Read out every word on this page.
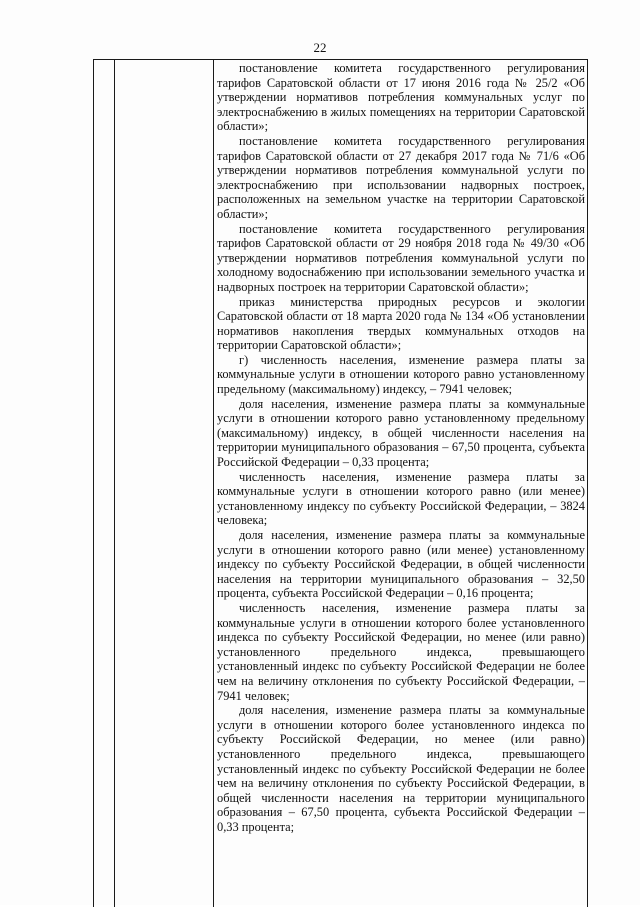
22

постановление комитета государственного регулирования тарифов Саратовской области от 17 июня 2016 года № 25/2 «Об утверждении нормативов потребления коммунальных услуг по электроснабжению в жилых помещениях на территории Саратовской области»;

постановление комитета государственного регулирования тарифов Саратовской области от 27 декабря 2017 года № 71/6 «Об утверждении нормативов потребления коммунальной услуги по электроснабжению при использовании надворных построек, расположенных на земельном участке на территории Саратовской области»;

постановление комитета государственного регулирования тарифов Саратовской области от 29 ноября 2018 года № 49/30 «Об утверждении нормативов потребления коммунальной услуги по холодному водоснабжению при использовании земельного участка и надворных построек на территории Саратовской области»;

приказ министерства природных ресурсов и экологии Саратовской области от 18 марта 2020 года № 134 «Об установлении нормативов накопления твердых коммунальных отходов на территории Саратовской области»;

г) численность населения, изменение размера платы за коммунальные услуги в отношении которого равно установленному предельному (максимальному) индексу, – 7941 человек;

доля населения, изменение размера платы за коммунальные услуги в отношении которого равно установленному предельному (максимальному) индексу, в общей численности населения на территории муниципального образования – 67,50 процента, субъекта Российской Федерации – 0,33 процента;

численность населения, изменение размера платы за коммунальные услуги в отношении которого равно (или менее) установленному индексу по субъекту Российской Федерации, – 3824 человека;

доля населения, изменение размера платы за коммунальные услуги в отношении которого равно (или менее) установленному индексу по субъекту Российской Федерации, в общей численности населения на территории муниципального образования – 32,50 процента, субъекта Российской Федерации – 0,16 процента;

численность населения, изменение размера платы за коммунальные услуги в отношении которого более установленного индекса по субъекту Российской Федерации, но менее (или равно) установленного предельного индекса, превышающего установленный индекс по субъекту Российской Федерации не более чем на величину отклонения по субъекту Российской Федерации, – 7941 человек;

доля населения, изменение размера платы за коммунальные услуги в отношении которого более установленного индекса по субъекту Российской Федерации, но менее (или равно) установленного предельного индекса, превышающего установленный индекс по субъекту Российской Федерации не более чем на величину отклонения по субъекту Российской Федерации, в общей численности населения на территории муниципального образования – 67,50 процента, субъекта Российской Федерации – 0,33 процента;
